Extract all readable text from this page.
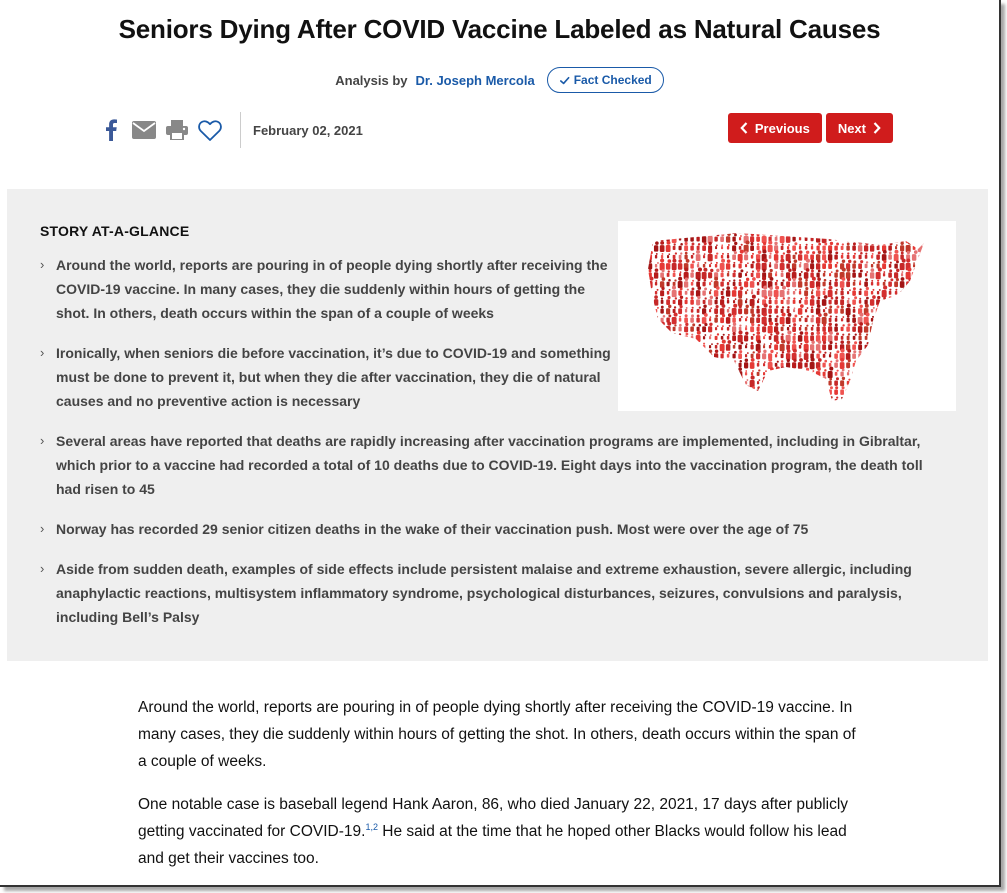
Seniors Dying After COVID Vaccine Labeled as Natural Causes
Analysis by Dr. Joseph Mercola	Fact Checked
February 02, 2021	Previous Next
STORY AT-A-GLANCE
› Around the world, reports are pouring in of people dying shortly after receiving the COVID-19 vaccine. In many cases, they die suddenly within hours of getting the shot. In others, death occurs within the span of a couple of weeks
› Ironically, when seniors die before vaccination, it’s due to COVID-19 and something must be done to prevent it, but when they die after vaccination, they die of natural causes and no preventive action is necessary
› Several areas have reported that deaths are rapidly increasing after vaccination programs are implemented, including in Gibraltar, which prior to a vaccine had recorded a total of 10 deaths due to COVID-19. Eight days into the vaccination program, the death toll had risen to 45
› Norway has recorded 29 senior citizen deaths in the wake of their vaccination push. Most were over the age of 75
› Aside from sudden death, examples of side effects include persistent malaise and extreme exhaustion, severe allergic, including anaphylactic reactions, multisystem inflammatory syndrome, psychological disturbances, seizures, convulsions and paralysis, including Bell’s Palsy

Around the world, reports are pouring in of people dying shortly after receiving the COVID-19 vaccine. In many cases, they die suddenly within hours of getting the shot. In others, death occurs within the span of a couple of weeks.

One notable case is baseball legend Hank Aaron, 86, who died January 22, 2021, 17 days after publicly getting vaccinated for COVID-19.$^{1,2}$ He said at the time that he hoped other Blacks would follow his lead and get their vaccines too.
